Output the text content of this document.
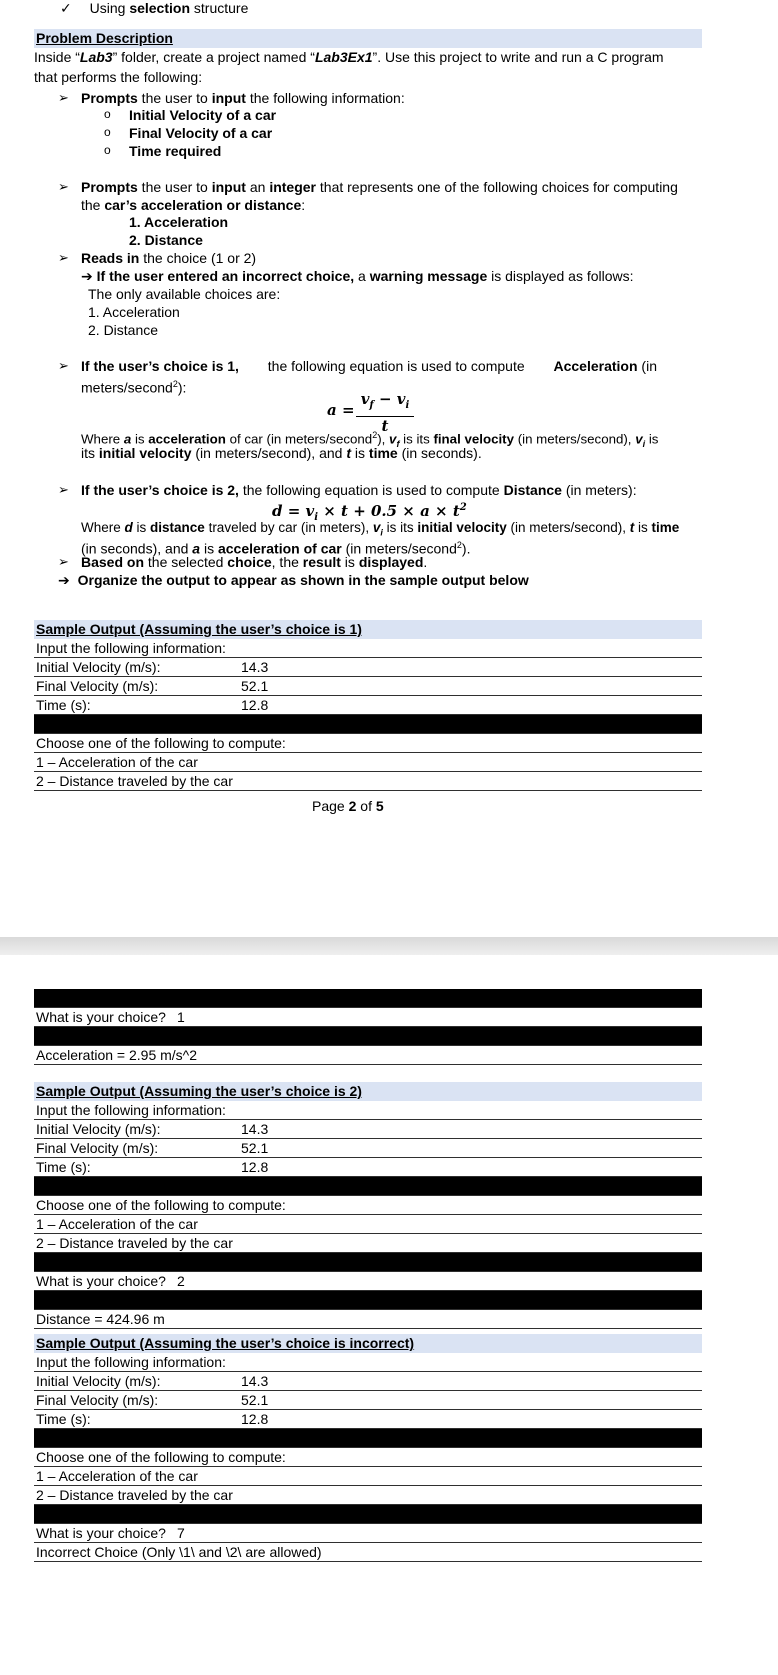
✓ Using selection structure
Problem Description
Inside “Lab3” folder, create a project named “Lab3Ex1”. Use this project to write and run a C program
that performs the following:
➢ Prompts the user to input the following information:
o Initial Velocity of a car
o Final Velocity of a car
o Time required
➢ Prompts the user to input an integer that represents one of the following choices for computing
the car’s acceleration or distance:
1. Acceleration
2. Distance
➢ Reads in the choice (1 or 2)
➔ If the user entered an incorrect choice, a warning message is displayed as follows:
The only available choices are:
1. Acceleration
2. Distance
➢ If the user’s choice is 1,	the following equation is used to compute	Acceleration (in
meters/second$^2$):
a =
$v_f - v_i$
t
Where a is acceleration of car (in meters/second$^2$), $v_f$ is its final velocity (in meters/second), $v_i$ is
its initial velocity (in meters/second), and t is time (in seconds).
➢ If the user’s choice is 2, the following equation is used to compute Distance (in meters):
$d = v_i \times t + 0.5 \times a \times t^2$
Where d is distance traveled by car (in meters), $v_i$ is its initial velocity (in meters/second), t is time
(in seconds), and a is acceleration of car (in meters/second$^2$).
➢ Based on the selected choice, the result is displayed.
➔ Organize the output to appear as shown in the sample output below
Sample Output (Assuming the user’s choice is 1)
Input the following information:
Initial Velocity (m/s):	14.3
Final Velocity (m/s):	52.1
Time (s):	12.8
Choose one of the following to compute:
1 – Acceleration of the car
2 – Distance traveled by the car
Page 2 of 5
What is your choice? 1
Acceleration = 2.95 m/s^2
Sample Output (Assuming the user’s choice is 2)
Input the following information:
Initial Velocity (m/s):	14.3
Final Velocity (m/s):	52.1
Time (s):	12.8
Choose one of the following to compute:
1 – Acceleration of the car
2 – Distance traveled by the car
What is your choice? 2
Distance = 424.96 m
Sample Output (Assuming the user’s choice is incorrect)
Input the following information:
Initial Velocity (m/s):	14.3
Final Velocity (m/s):	52.1
Time (s):	12.8
Choose one of the following to compute:
1 – Acceleration of the car
2 – Distance traveled by the car
What is your choice? 7
Incorrect Choice (Only \1\ and \2\ are allowed)
